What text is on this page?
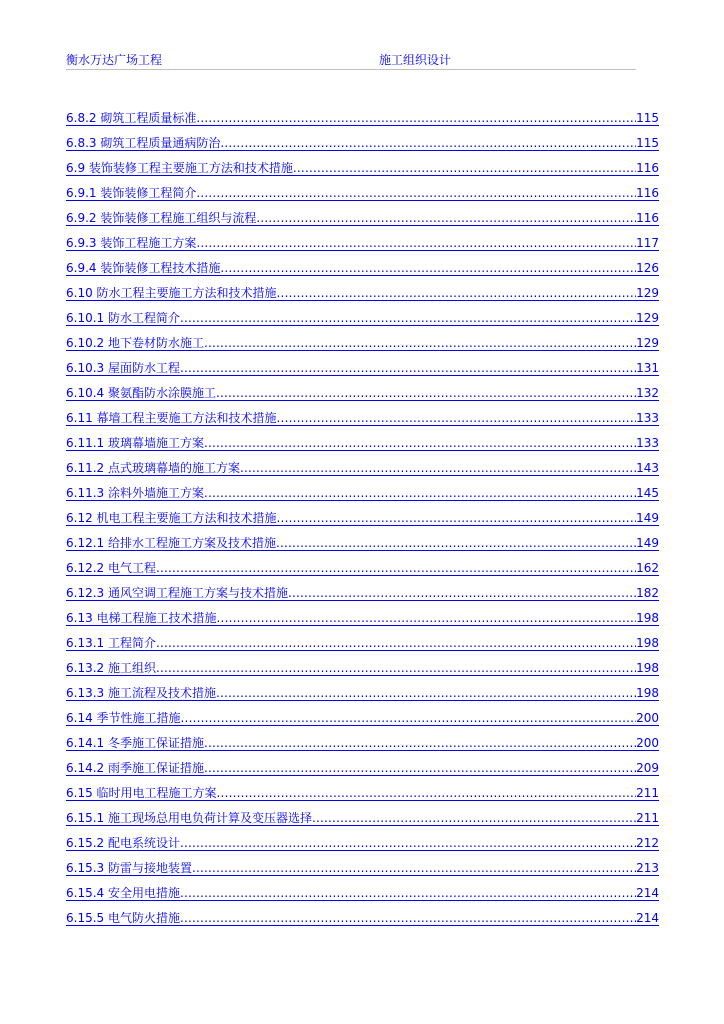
衡水万达广场工程	施工组织设计
6.8.2 砌筑工程质量标准 .....	115
6.8.3 砌筑工程质量通病防治 .....	115
6.9 装饰装修工程主要施工方法和技术措施 .....	116
6.9.1 装饰装修工程简介 .....	116
6.9.2 装饰装修工程施工组织与流程 .....	116
6.9.3 装饰工程施工方案 .....	117
6.9.4 装饰装修工程技术措施 .....	126
6.10 防水工程主要施工方法和技术措施 .....	129
6.10.1 防水工程简介 .....	129
6.10.2 地下卷材防水施工 .....	129
6.10.3 屋面防水工程 .....	131
6.10.4 聚氨酯防水涂膜施工 .....	132
6.11 幕墙工程主要施工方法和技术措施 .....	133
6.11.1 玻璃幕墙施工方案 .....	133
6.11.2 点式玻璃幕墙的施工方案 .....	143
6.11.3 涂料外墙施工方案 .....	145
6.12 机电工程主要施工方法和技术措施 .....	149
6.12.1 给排水工程施工方案及技术措施 .....	149
6.12.2 电气工程 .....	162
6.12.3 通风空调工程施工方案与技术措施 .....	182
6.13 电梯工程施工技术措施 .....	198
6.13.1 工程简介 .....	198
6.13.2 施工组织 .....	198
6.13.3 施工流程及技术措施 .....	198
6.14 季节性施工措施 .....	200
6.14.1 冬季施工保证措施 .....	200
6.14.2 雨季施工保证措施 .....	209
6.15 临时用电工程施工方案 .....	211
6.15.1 施工现场总用电负荷计算及变压器选择 .....	211
6.15.2 配电系统设计 .....	212
6.15.3 防雷与接地装置 .....	213
6.15.4 安全用电措施 .....	214
6.15.5 电气防火措施 .....	214
